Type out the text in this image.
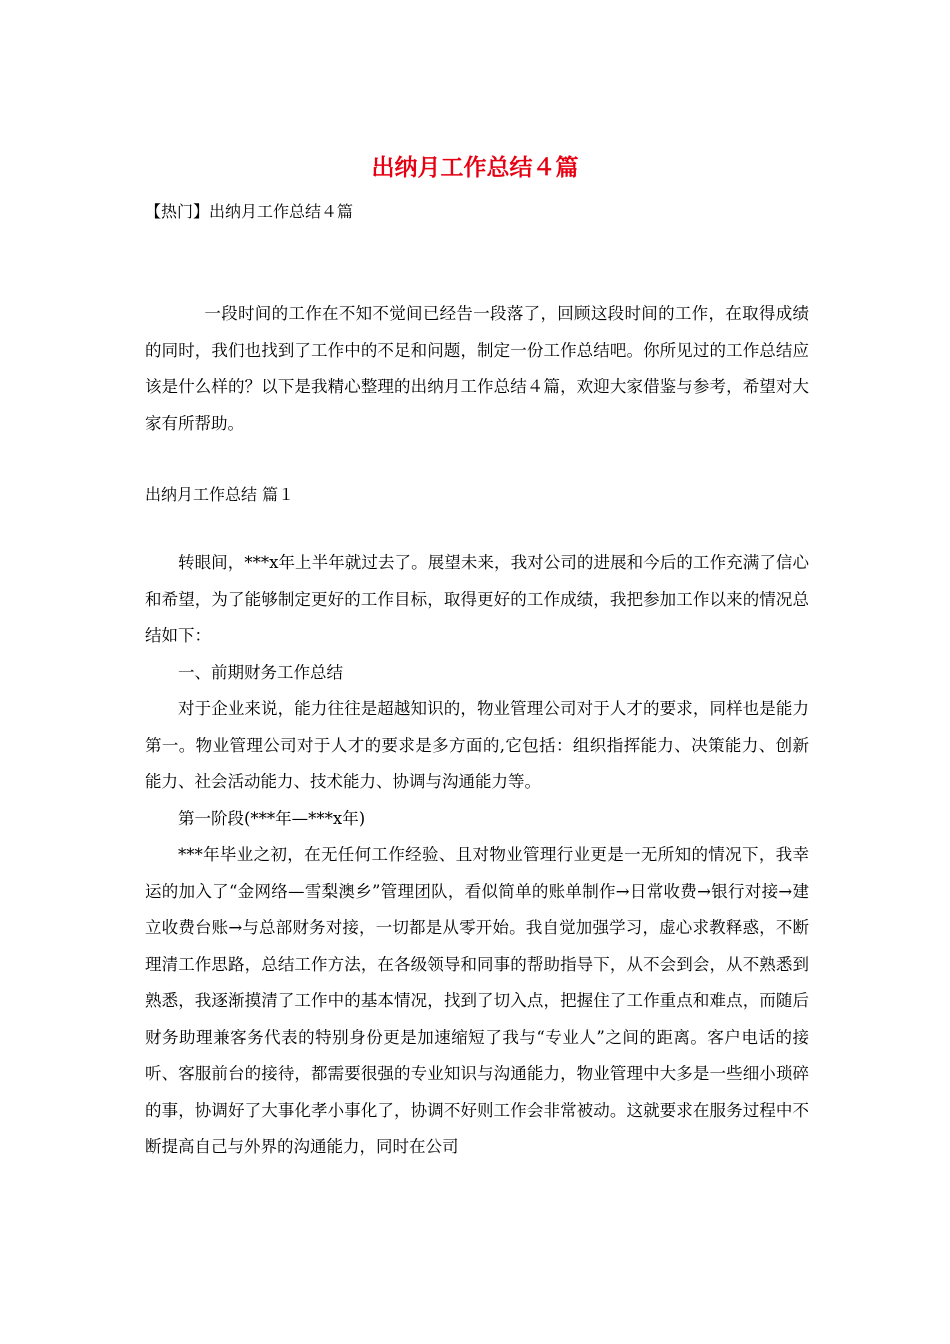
出纳月工作总结４篇
【热门】出纳月工作总结４篇

一段时间的工作在不知不觉间已经告一段落了，回顾这段时间的工作，在取得成绩的同时，我们也找到了工作中的不足和问题，制定一份工作总结吧。你所见过的工作总结应该是什么样的？以下是我精心整理的出纳月工作总结４篇，欢迎大家借鉴与参考，希望对大家有所帮助。

出纳月工作总结 篇１

转眼间，***x年上半年就过去了。展望未来，我对公司的进展和今后的工作充满了信心和希望，为了能够制定更好的工作目标，取得更好的工作成绩，我把参加工作以来的情况总结如下：

一、前期财务工作总结

对于企业来说，能力往往是超越知识的，物业管理公司对于人才的要求，同样也是能力第一。物业管理公司对于人才的要求是多方面的,它包括：组织指挥能力、决策能力、创新能力、社会活动能力、技术能力、协调与沟通能力等。

第一阶段(***年—***x年)

***年毕业之初，在无任何工作经验、且对物业管理行业更是一无所知的情况下，我幸运的加入了“金网络—雪梨澳乡”管理团队，看似简单的账单制作→日常收费→银行对接→建立收费台账→与总部财务对接，一切都是从零开始。我自觉加强学习，虚心求教释惑，不断理清工作思路，总结工作方法，在各级领导和同事的帮助指导下，从不会到会，从不熟悉到熟悉，我逐渐摸清了工作中的基本情况，找到了切入点，把握住了工作重点和难点，而随后财务助理兼客务代表的特别身份更是加速缩短了我与“专业人”之间的距离。客户电话的接听、客服前台的接待，都需要很强的专业知识与沟通能力，物业管理中大多是一些细小琐碎的事，协调好了大事化孝小事化了，协调不好则工作会非常被动。这就要求在服务过程中不断提高自己与外界的沟通能力，同时在公司
